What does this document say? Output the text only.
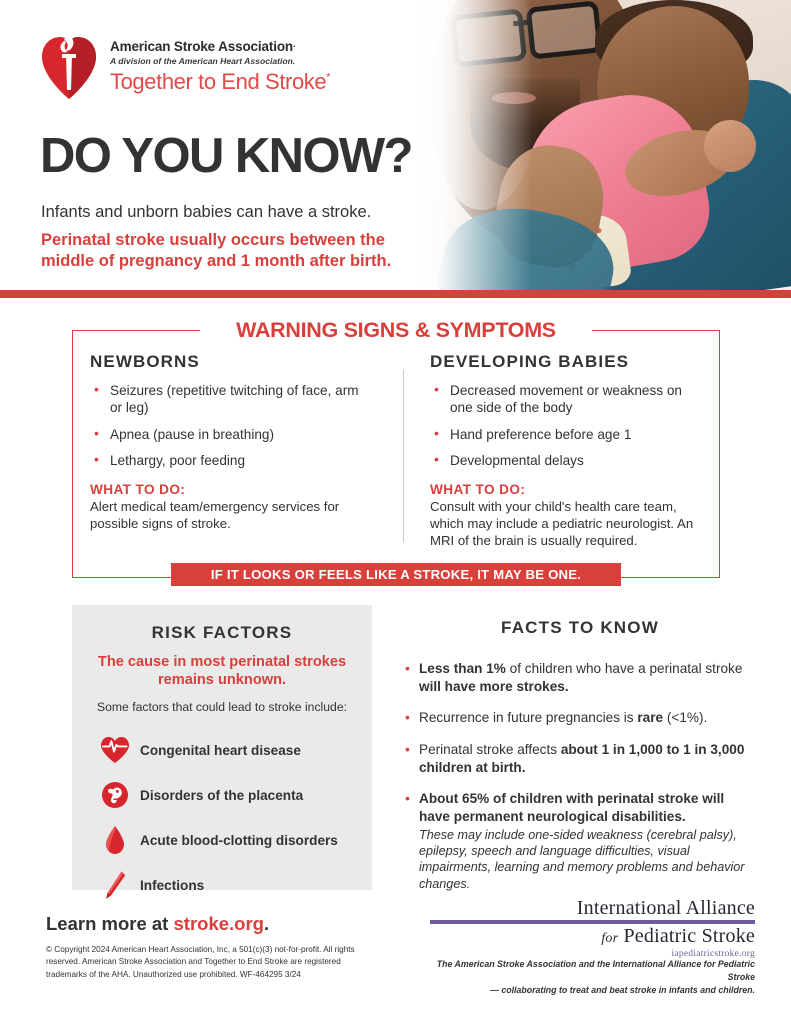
American Stroke Association.
A division of the American Heart Association.
Together to End Stroke*
DO YOU KNOW?
Infants and unborn babies can have a stroke.
Perinatal stroke usually occurs between the middle of pregnancy and 1 month after birth.
WARNING SIGNS & SYMPTOMS
NEWBORNS
• Seizures (repetitive twitching of face, arm or leg)
• Apnea (pause in breathing)
• Lethargy, poor feeding
WHAT TO DO:
Alert medical team/emergency services for possible signs of stroke.
DEVELOPING BABIES
• Decreased movement or weakness on one side of the body
• Hand preference before age 1
• Developmental delays
WHAT TO DO:
Consult with your child's health care team, which may include a pediatric neurologist. An MRI of the brain is usually required.
IF IT LOOKS OR FEELS LIKE A STROKE, IT MAY BE ONE.
RISK FACTORS
The cause in most perinatal strokes remains unknown.
Some factors that could lead to stroke include:
Congenital heart disease
Disorders of the placenta
Acute blood-clotting disorders
Infections
FACTS TO KNOW
• Less than 1% of children who have a perinatal stroke will have more strokes.
• Recurrence in future pregnancies is rare (<1%).
• Perinatal stroke affects about 1 in 1,000 to 1 in 3,000 children at birth.
• About 65% of children with perinatal stroke will have permanent neurological disabilities.
These may include one-sided weakness (cerebral palsy), epilepsy, speech and language difficulties, visual impairments, learning and memory problems and behavior changes.
Learn more at stroke.org.
© Copyright 2024 American Heart Association, Inc, a 501(c)(3) not-for-profit. All rights reserved. American Stroke Association and Together to End Stroke are registered trademarks of the AHA. Unauthorized use prohibited. WF-464295 3/24
International Alliance
for Pediatric Stroke
iapediatricstroke.org
The American Stroke Association and the International Alliance for Pediatric Stroke
— collaborating to treat and beat stroke in infants and children.
